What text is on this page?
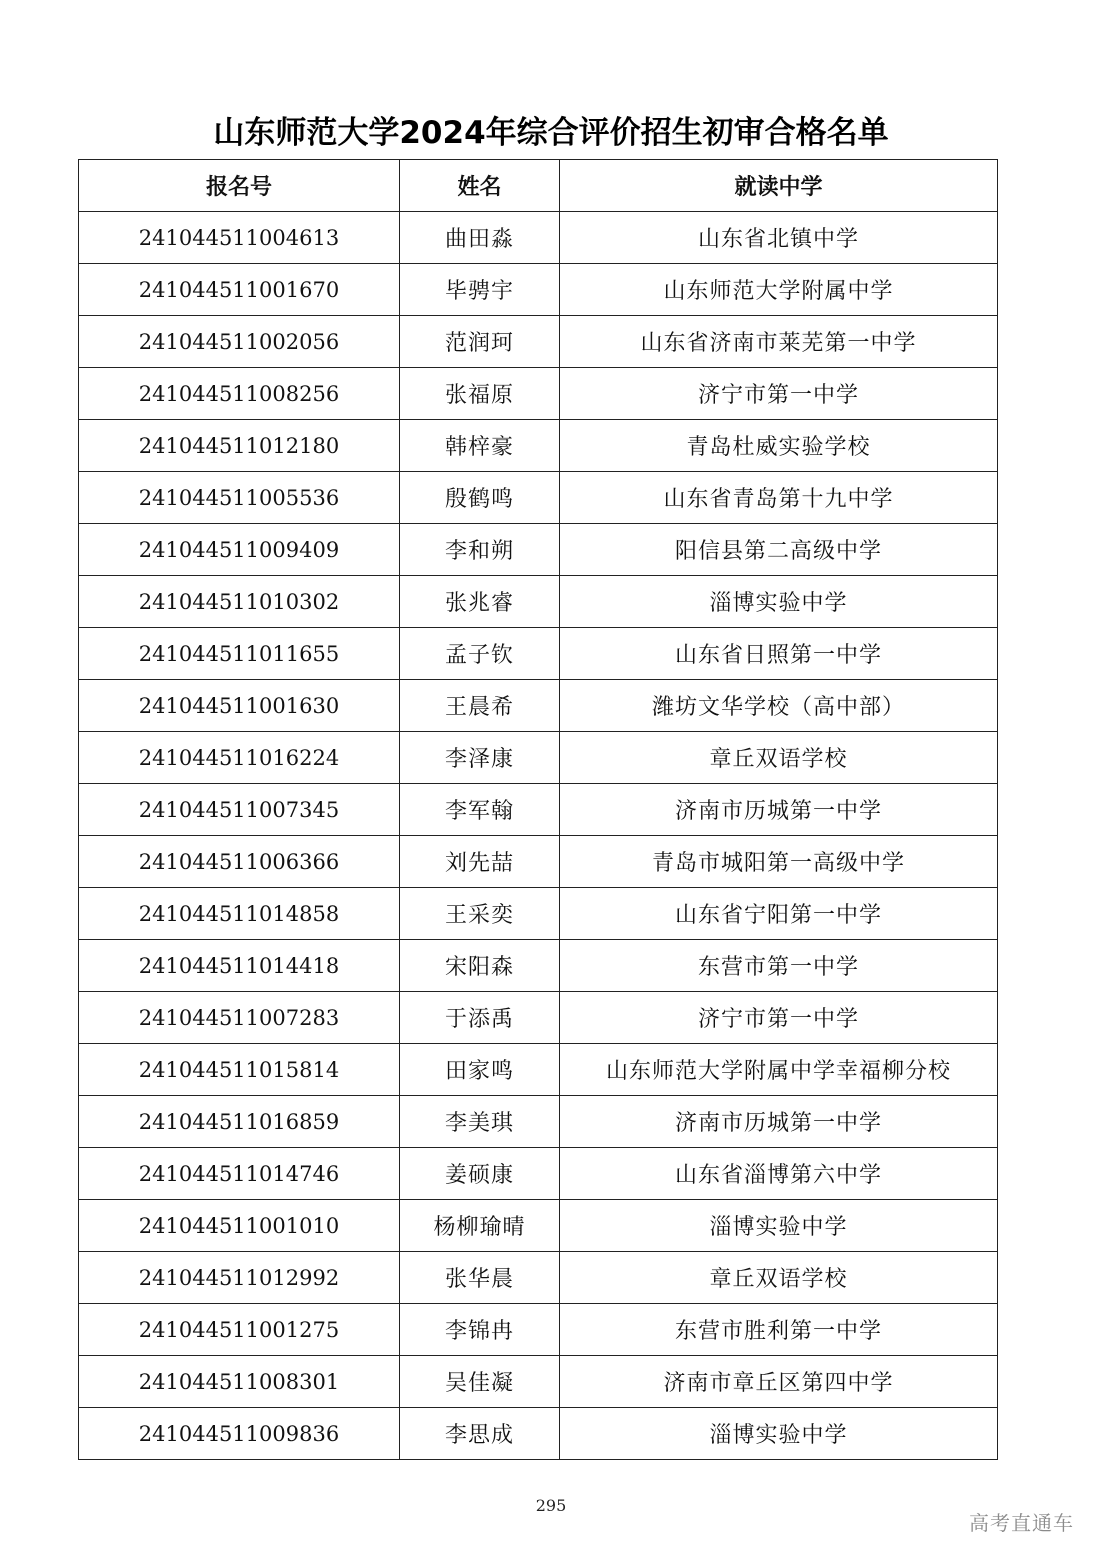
山东师范大学2024年综合评价招生初审合格名单
报名号	姓名	就读中学
241044511004613	曲田淼	山东省北镇中学
241044511001670	毕骋宇	山东师范大学附属中学
241044511002056	范润珂	山东省济南市莱芜第一中学
241044511008256	张福原	济宁市第一中学
241044511012180	韩梓豪	青岛杜威实验学校
241044511005536	殷鹤鸣	山东省青岛第十九中学
241044511009409	李和朔	阳信县第二高级中学
241044511010302	张兆睿	淄博实验中学
241044511011655	孟子钦	山东省日照第一中学
241044511001630	王晨希	潍坊文华学校（高中部）
241044511016224	李泽康	章丘双语学校
241044511007345	李军翰	济南市历城第一中学
241044511006366	刘先喆	青岛市城阳第一高级中学
241044511014858	王采奕	山东省宁阳第一中学
241044511014418	宋阳森	东营市第一中学
241044511007283	于添禹	济宁市第一中学
241044511015814	田家鸣	山东师范大学附属中学幸福柳分校
241044511016859	李美琪	济南市历城第一中学
241044511014746	姜硕康	山东省淄博第六中学
241044511001010	杨柳瑜晴	淄博实验中学
241044511012992	张华晨	章丘双语学校
241044511001275	李锦冉	东营市胜利第一中学
241044511008301	吴佳凝	济南市章丘区第四中学
241044511009836	李思成	淄博实验中学
295
高考直通车
